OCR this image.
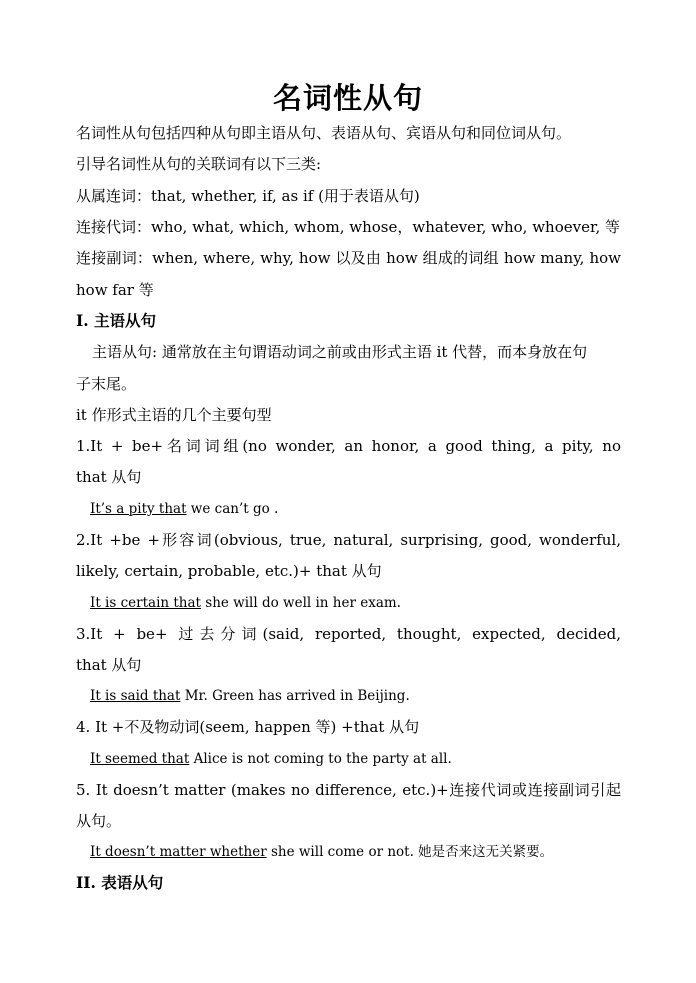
名词性从句
名词性从句包括四种从句即主语从句、表语从句、宾语从句和同位词从句。
引导名词性从句的关联词有以下三类:
从属连词：that, whether, if, as if (用于表语从句)
连接代词：who, what, which, whom, whose，whatever, who, whoever, 等
连接副词：when, where, why, how 以及由 how 组成的词组 how many, how
how far 等
I. 主语从句
主语从句: 通常放在主句谓语动词之前或由形式主语 it 代替，而本身放在句
子末尾。
it 作形式主语的几个主要句型
1.It + be+名词词组(no wonder, an honor, a good thing, a pity, no
that 从句
It’s a pity that we can’t go .
2.It +be +形容词(obvious, true, natural, surprising, good, wonderful,
likely, certain, probable, etc.)+ that 从句
It is certain that she will do well in her exam.
3.It + be+ 过去分词(said, reported, thought, expected, decided,
that 从句
It is said that Mr. Green has arrived in Beijing.
4. It +不及物动词(seem, happen 等) +that 从句
It seemed that Alice is not coming to the party at all.
5. It doesn’t matter (makes no difference, etc.)+连接代词或连接副词引起
从句。
It doesn’t matter whether she will come or not. 她是否来这无关紧要。
II. 表语从句
